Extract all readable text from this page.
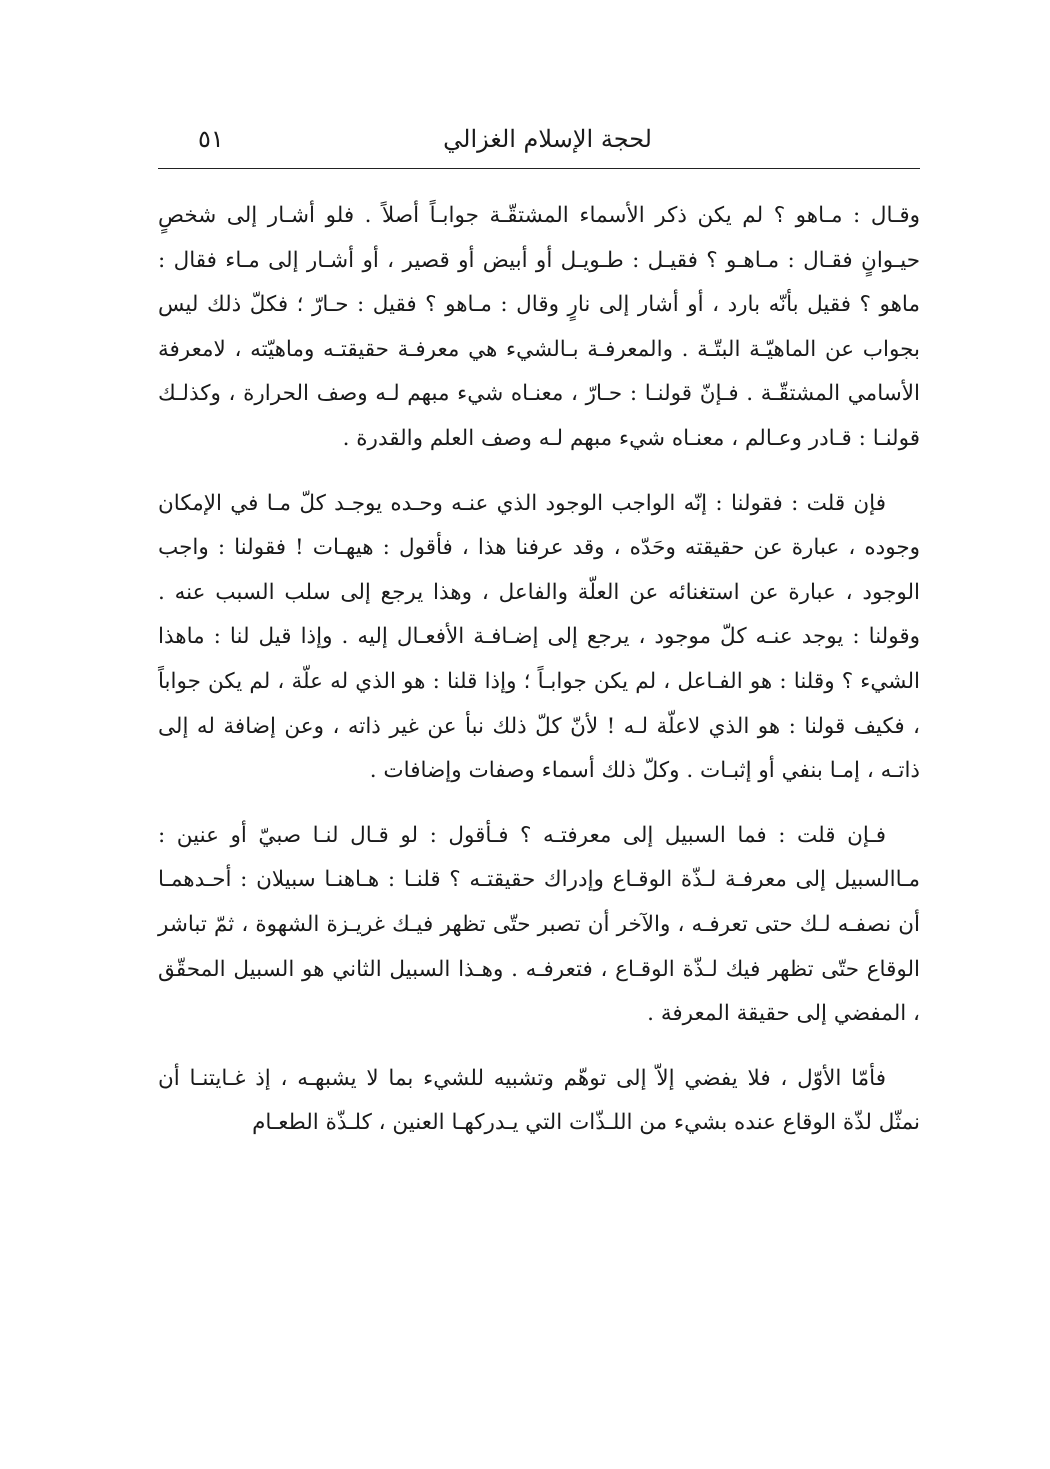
لحجة الإسلام الغزالي
٥١

وقـال : مـاهو ؟ لم يكن ذكر الأسماء المشتقّـة جوابـاً أصلاً . فلو أشـار إلى شخصٍ حيـوانٍ فقـال : مـاهـو ؟ فقيـل : طـويـل أو أبيض أو قصير ، أو أشـار إلى مـاء فقال : ماهو ؟ فقيل بأنّه بارد ، أو أشار إلى نارٍ وقال : مـاهو ؟ فقيل : حـارّ ؛ فكلّ ذلك ليس بجواب عن الماهيّـة البتّـة . والمعرفـة بـالشيء هي معرفـة حقيقتـه وماهيّته ، لامعرفة الأسامي المشتقّـة . فـإنّ قولنـا : حـارّ ، معنـاه شيء مبهم لـه وصف الحرارة ، وكذلـك قولنـا : قـادر وعـالم ، معنـاه شيء مبهم لـه وصف العلم والقدرة .

فإن قلت : فقولنا : إنّه الواجب الوجود الذي عنـه وحـده يوجـد كلّ مـا في الإمكان وجوده ، عبارة عن حقيقته وحَدّه ، وقد عرفنا هذا ، فأقول : هيهـات ! فقولنا : واجب الوجود ، عبارة عن استغنائه عن العلّة والفاعل ، وهذا يرجع إلى سلب السبب عنه . وقولنا : يوجد عنـه كلّ موجود ، يرجع إلى إضـافـة الأفعـال إليه . وإذا قيل لنا : ماهذا الشيء ؟ وقلنا : هو الفـاعل ، لم يكن جوابـاً ؛ وإذا قلنا : هو الذي له علّة ، لم يكن جواباً ، فكيف قولنا : هو الذي لاعلّة لـه ! لأنّ كلّ ذلك نبأ عن غير ذاته ، وعن إضافة له إلى ذاتـه ، إمـا بنفي أو إثبـات . وكلّ ذلك أسماء وصفات وإضافات .

فـإن قلت : فما السبيل إلى معرفتـه ؟ فـأقول : لو قـال لنـا صبيّ أو عنين : مـاالسبيل إلى معرفـة لـذّة الوقـاع وإدراك حقيقتـه ؟ قلنـا : هـاهنـا سبيلان : أحـدهمـا أن نصفـه لـك حتى تعرفـه ، والآخر أن تصبر حتّى تظهر فيـك غريـزة الشهوة ، ثمّ تباشر الوقاع حتّى تظهر فيك لـذّة الوقـاع ، فتعرفـه . وهـذا السبيل الثاني هو السبيل المحقّق ، المفضي إلى حقيقة المعرفة .

فأمّا الأوّل ، فلا يفضي إلاّ إلى توهّم وتشبيه للشيء بما لا يشبهـه ، إذ غـايتنـا أن نمثّل لذّة الوقاع عنده بشيء من اللـذّات التي يـدركهـا العنين ، كلـذّة الطعـام
